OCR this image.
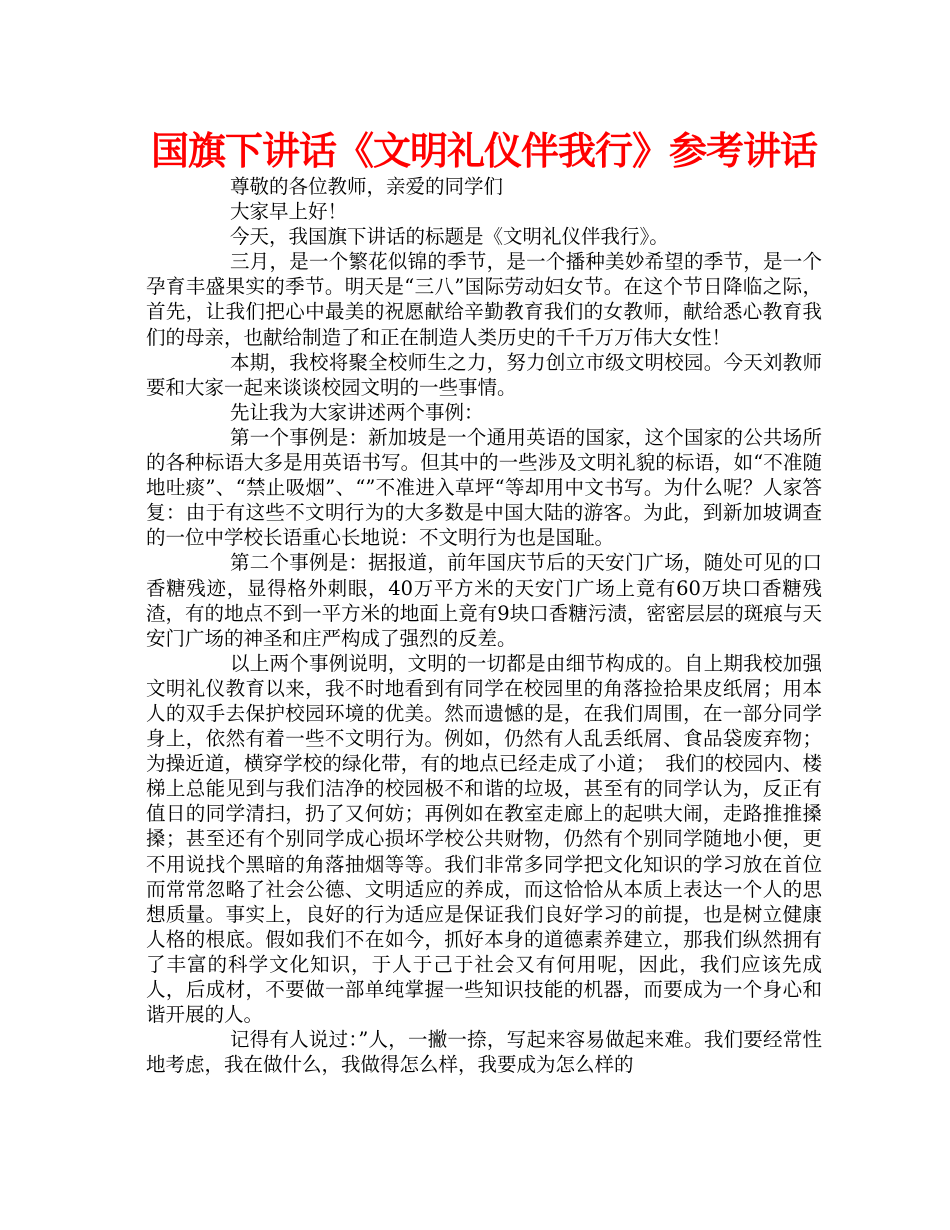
国旗下讲话《文明礼仪伴我行》参考讲话

尊敬的各位教师，亲爱的同学们

大家早上好！

今天，我国旗下讲话的标题是《文明礼仪伴我行》。

三月，是一个繁花似锦的季节，是一个播种美妙希望的季节，是一个孕育丰盛果实的季节。明天是“三八”国际劳动妇女节。在这个节日降临之际，首先，让我们把心中最美的祝愿献给辛勤教育我们的女教师，献给悉心教育我们的母亲，也献给制造了和正在制造人类历史的千千万万伟大女性！

本期，我校将聚全校师生之力，努力创立市级文明校园。今天刘教师要和大家一起来谈谈校园文明的一些事情。

先让我为大家讲述两个事例：

第一个事例是：新加坡是一个通用英语的国家，这个国家的公共场所的各种标语大多是用英语书写。但其中的一些涉及文明礼貌的标语，如“不准随地吐痰”、“禁止吸烟”、“”不准进入草坪“等却用中文书写。为什么呢？人家答复：由于有这些不文明行为的大多数是中国大陆的游客。为此，到新加坡调查的一位中学校长语重心长地说：不文明行为也是国耻。

第二个事例是：据报道，前年国庆节后的天安门广场，随处可见的口香糖残迹，显得格外刺眼，40万平方米的天安门广场上竟有60万块口香糖残渣，有的地点不到一平方米的地面上竟有9块口香糖污渍，密密层层的斑痕与天安门广场的神圣和庄严构成了强烈的反差。

以上两个事例说明，文明的一切都是由细节构成的。自上期我校加强文明礼仪教育以来，我不时地看到有同学在校园里的角落捡拾果皮纸屑；用本人的双手去保护校园环境的优美。然而遗憾的是，在我们周围，在一部分同学身上，依然有着一些不文明行为。例如，仍然有人乱丢纸屑、食品袋废弃物；为操近道，横穿学校的绿化带，有的地点已经走成了小道；　我们的校园内、楼梯上总能见到与我们洁净的校园极不和谐的垃圾，甚至有的同学认为，反正有值日的同学清扫，扔了又何妨；再例如在教室走廊上的起哄大闹，走路推推搡搡；甚至还有个别同学成心损坏学校公共财物，仍然有个别同学随地小便，更不用说找个黑暗的角落抽烟等等。我们非常多同学把文化知识的学习放在首位而常常忽略了社会公德、文明适应的养成，而这恰恰从本质上表达一个人的思想质量。事实上，良好的行为适应是保证我们良好学习的前提，也是树立健康人格的根底。假如我们不在如今，抓好本身的道德素养建立，那我们纵然拥有了丰富的科学文化知识，于人于己于社会又有何用呢，因此，我们应该先成人，后成材，不要做一部单纯掌握一些知识技能的机器，而要成为一个身心和谐开展的人。

记得有人说过：”人，一撇一捺，写起来容易做起来难。我们要经常性地考虑，我在做什么，我做得怎么样，我要成为怎么样的
